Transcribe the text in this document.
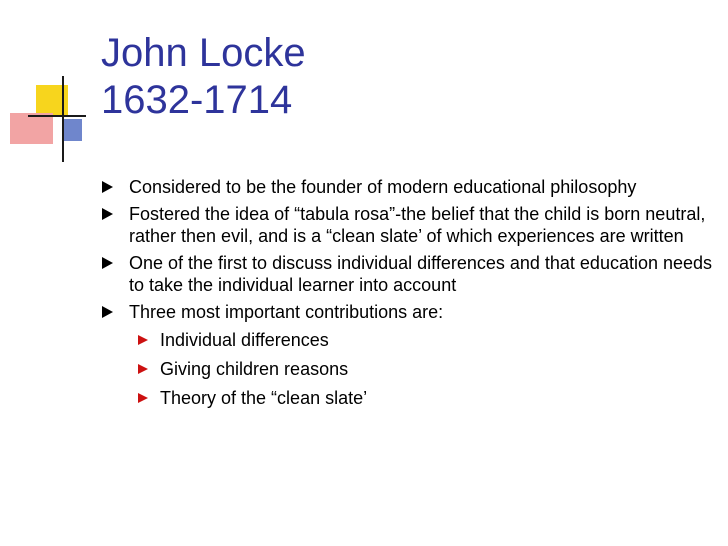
John Locke
1632-1714
Considered to be the founder of modern educational philosophy
Fostered the idea of “tabula rosa”-the belief that the child is born neutral, rather then evil, and is a “clean slate’ of which experiences are written
One of the first to discuss individual differences and that education needs to take the individual learner into account
Three most important contributions are:
Individual differences
Giving children reasons
Theory of the “clean slate’
